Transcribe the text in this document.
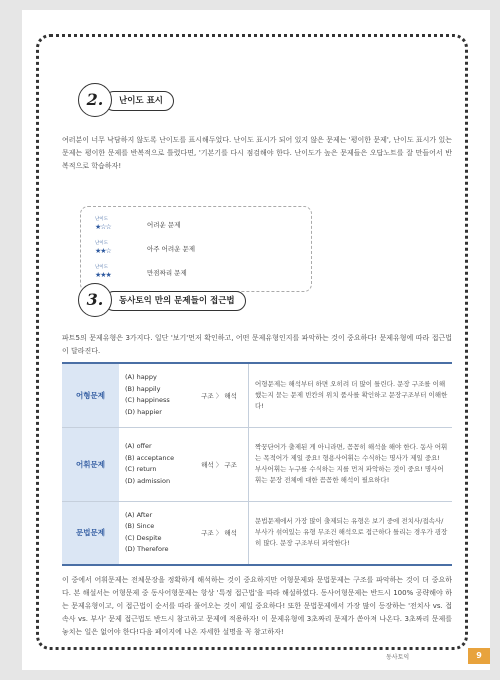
난이도 표시
2.

여러분이 너무 낙담하지 않도록 난이도를 표시해두었다. 난이도 표시가 되어 있지 않은 문제는 '평이한 문제', 난이도 표시가 있는 문제는 평이한 문제를 반복적으로 틀렸다면, '기본기를 다시 점검해야 한다. 난이도가 높은 문제들은 오답노트를 잘 만들어서 반복적으로 학습하자!

난이도
★☆☆	어려운 문제
난이도
★★☆	아주 어려운 문제
난이도
★★★	만점짜리 문제
동사토익 만의 문제들이 접근법
3.

파트5의 문제유형은 3가지다. 일단 '보기'먼저 확인하고, 어떤 문제유형인지를 파악하는 것이 중요하다! 문제유형에 따라 접근법이 달라진다.

어형문제	(A) happy
(B) happily
(C) happiness
(D) happier	구조 〉 해석	어형문제는 해석부터 하면 오히려 더 많이 틀린다. 문장 구조를 이해했는지 묻는 문제 빈칸의 위치 품사를 확인하고 문장구조부터 이해한다!
어휘문제	(A) offer
(B) acceptance
(C) return
(D) admission	해석 〉 구조	짝꿍단어가 출제된 게 아니라면, 꼼꼼히 해석을 해야 한다. 동사 어휘는 목적어가 제일 중요! 형용사어휘는 수식하는 명사가 제일 중요! 부사어휘는 누구를 수식하는 지를 먼저 파악하는 것이 중요! 명사어휘는 문장 전체에 대한 꼼꼼한 해석이 필요하다!
문법문제	(A) After
(B) Since
(C) Despite
(D) Therefore	구조 〉 해석	문법문제에서 가장 많이 출제되는 유형은 보기 중에 전치사/접속사/부사가 섞여있는 유형 무조건 해석으로 접근하다 틀리는 경우가 굉장히 많다. 문장 구조부터 파악한다!

이 중에서 어휘문제는 전체문장을 정확하게 해석하는 것이 중요하지만 어형문제와 문법문제는 구조를 파악하는 것이 더 중요하다. 본 해설서는 어형문제 중 동사어형문제는 항상 '특정 접근법'을 따라 해설하였다. 동사어형문제는 반드시 100% 공략해야 하는 문제유형이고, 이 접근법이 순서를 따라 풀어오는 것이 제일 중요하다! 또한 문법문제에서 가장 많이 등장하는 '전치사 vs. 접속사 vs. 부사' 문제 접근법도 반드시 참고하고 문제에 적용하자! 이 문제유형에 3초짜리 문제가 쏟아져 나온다. 3초짜리 문제를 놓치는 일은 없어야 한다!다음 페이지에 나온 자세한 설명을 꼭 참고하자!

동사토익	9
